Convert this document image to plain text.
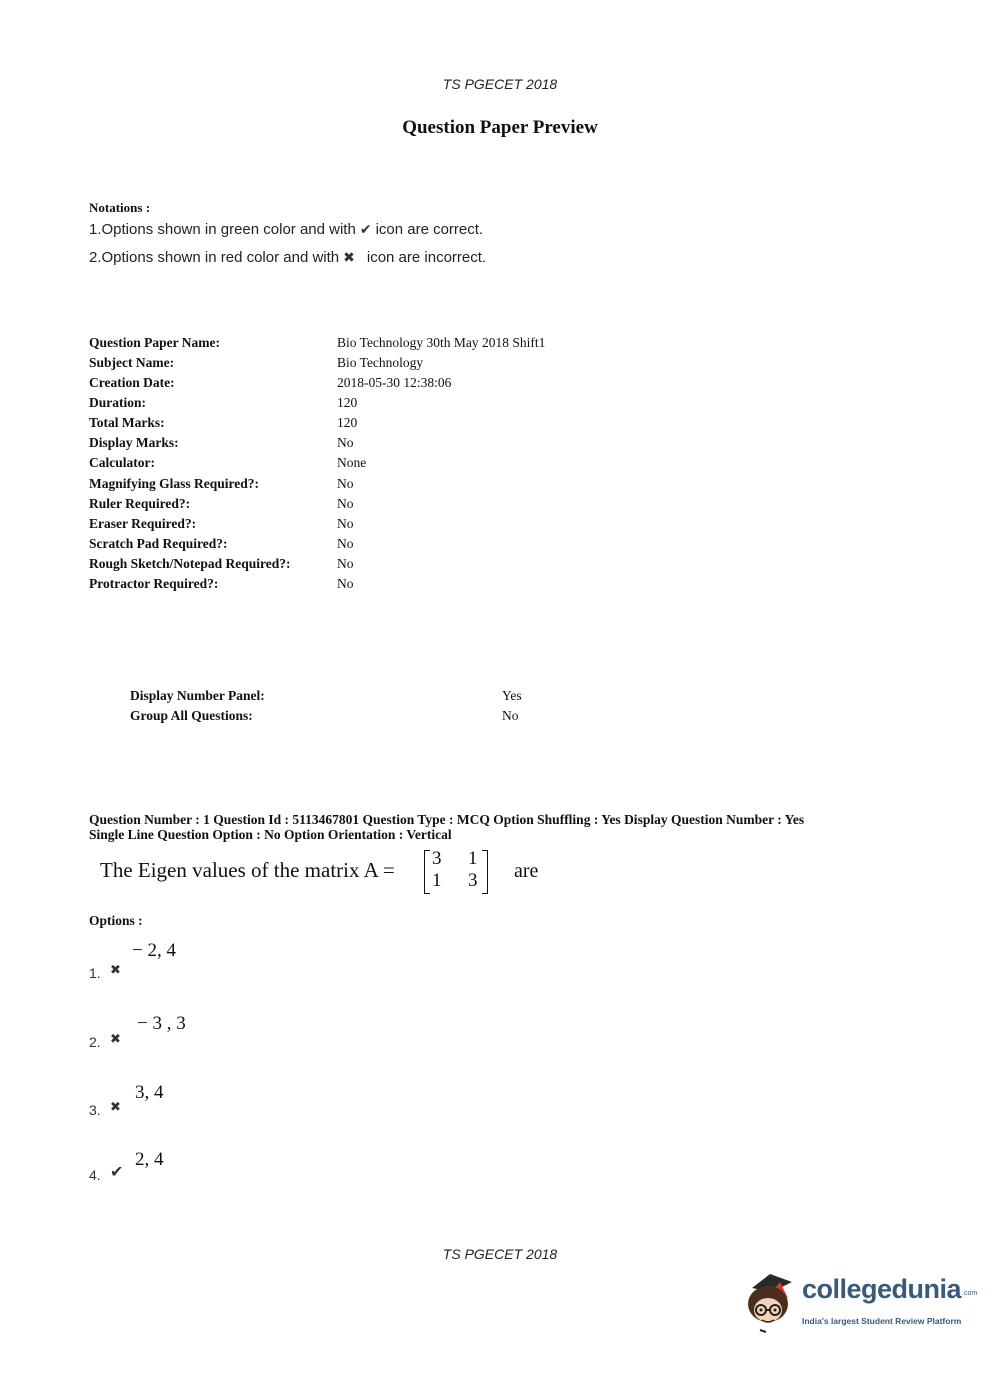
TS PGECET 2018
Question Paper Preview
Notations :
1.Options shown in green color and with ✔ icon are correct.
2.Options shown in red color and with ✖ icon are incorrect.
Question Paper Name:	Bio Technology 30th May 2018 Shift1
Subject Name:	Bio Technology
Creation Date:	2018-05-30 12:38:06
Duration:	120
Total Marks:	120
Display Marks:	No
Calculator:	None
Magnifying Glass Required?:	No
Ruler Required?:	No
Eraser Required?:	No
Scratch Pad Required?:	No
Rough Sketch/Notepad Required?:	No
Protractor Required?:	No
Display Number Panel:	Yes
Group All Questions:	No
Question Number : 1 Question Id : 5113467801 Question Type : MCQ Option Shuffling : Yes Display Question Number : Yes
Single Line Question Option : No Option Orientation : Vertical
The Eigen values of the matrix A = 3 1
1 3 are
Options :
1. ✖
− 2, 4
2. ✖
− 3 , 3
3. ✖
3, 4
4. ✔
2, 4
TS PGECET 2018
collegedunia .com
India's largest Student Review Platform
